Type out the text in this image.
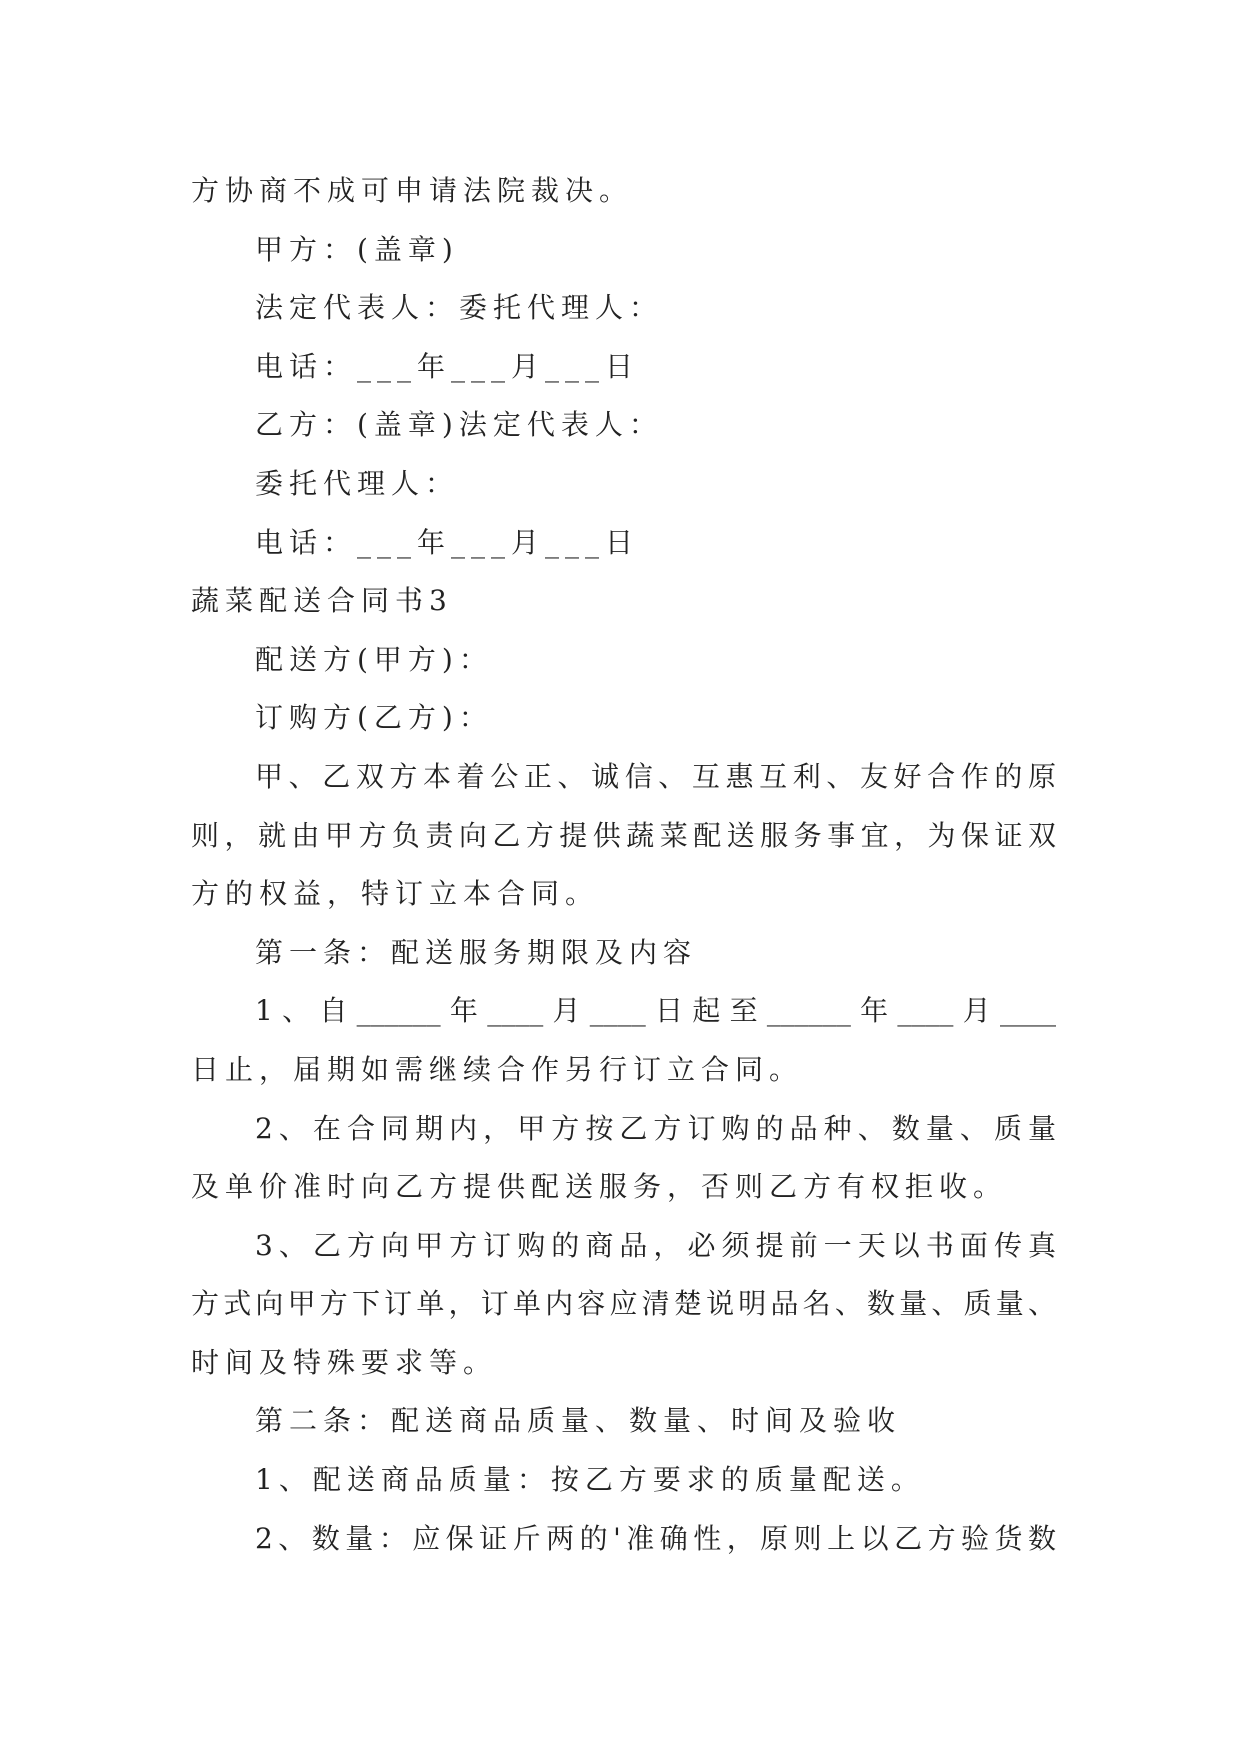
方协商不成可申请法院裁决。
甲方：(盖章)
法定代表人：委托代理人：
电话：___年___月___日
乙方：(盖章)法定代表人：
委托代理人：
电话：___年___月___日
蔬菜配送合同书3
配送方(甲方)：
订购方(乙方)：
甲、乙双方本着公正、诚信、互惠互利、友好合作的原
则，就由甲方负责向乙方提供蔬菜配送服务事宜，为保证双
方的权益，特订立本合同。
第一条：配送服务期限及内容
1、自______年____月____日起至______年____月____
日止，届期如需继续合作另行订立合同。
2、在合同期内，甲方按乙方订购的品种、数量、质量
及单价准时向乙方提供配送服务，否则乙方有权拒收。
3、乙方向甲方订购的商品，必须提前一天以书面传真
方式向甲方下订单，订单内容应清楚说明品名、数量、质量、
时间及特殊要求等。
第二条：配送商品质量、数量、时间及验收
1、配送商品质量：按乙方要求的质量配送。
2、数量：应保证斤两的'准确性，原则上以乙方验货数
